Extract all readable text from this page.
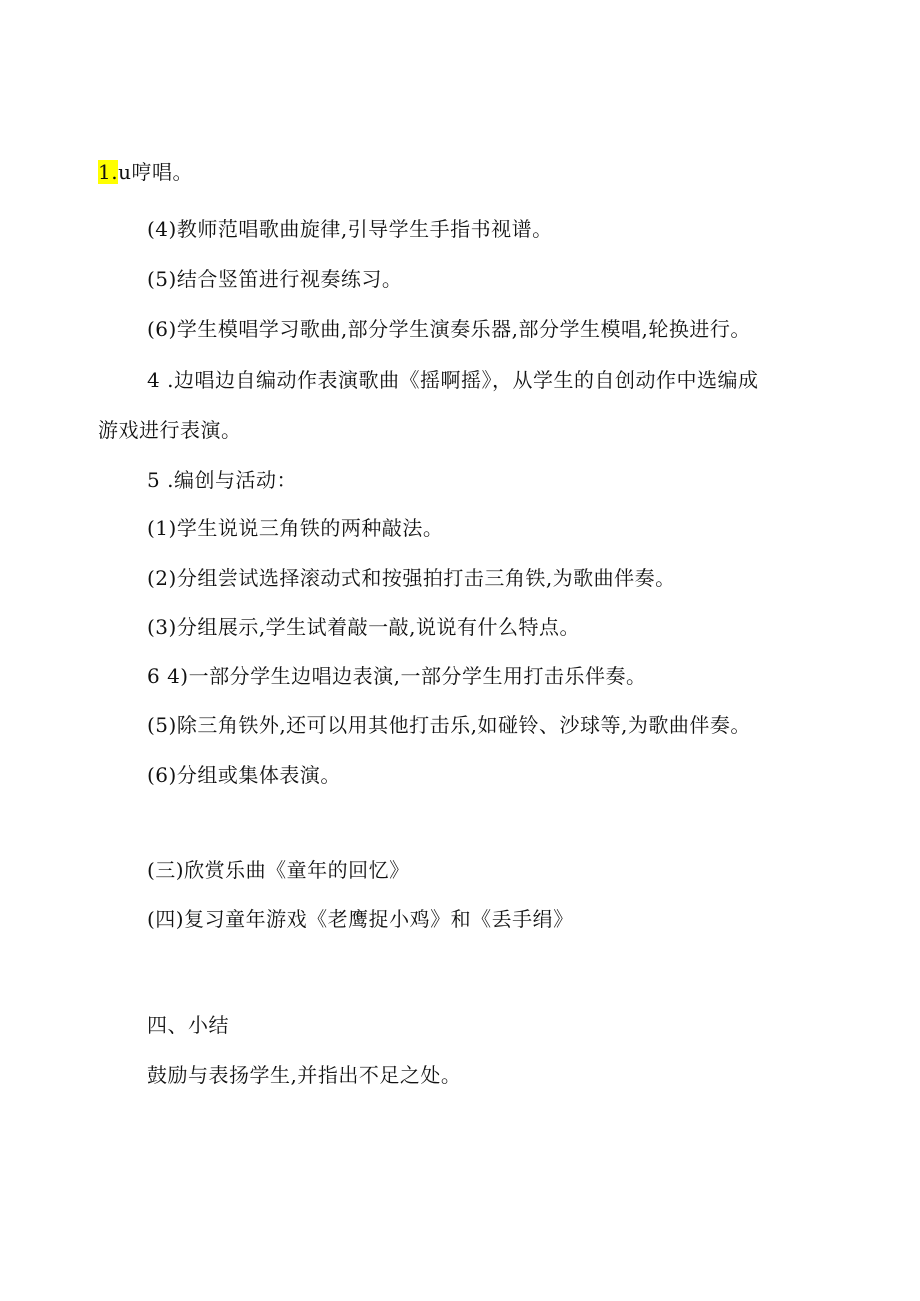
1.u哼唱。
(4)教师范唱歌曲旋律,引导学生手指书视谱。
(5)结合竖笛进行视奏练习。
(6)学生模唱学习歌曲,部分学生演奏乐器,部分学生模唱,轮换进行。
4 .边唱边自编动作表演歌曲《摇啊摇》，从学生的自创动作中选编成
游戏进行表演。
5 .编创与活动：
(1)学生说说三角铁的两种敲法。
(2)分组尝试选择滚动式和按强拍打击三角铁,为歌曲伴奏。
(3)分组展示,学生试着敲一敲,说说有什么特点。
6 4)一部分学生边唱边表演,一部分学生用打击乐伴奏。
(5)除三角铁外,还可以用其他打击乐,如碰铃、沙球等,为歌曲伴奏。
(6)分组或集体表演。
(三)欣赏乐曲《童年的回忆》
(四)复习童年游戏《老鹰捉小鸡》和《丢手绢》
四、小结
鼓励与表扬学生,并指出不足之处。
